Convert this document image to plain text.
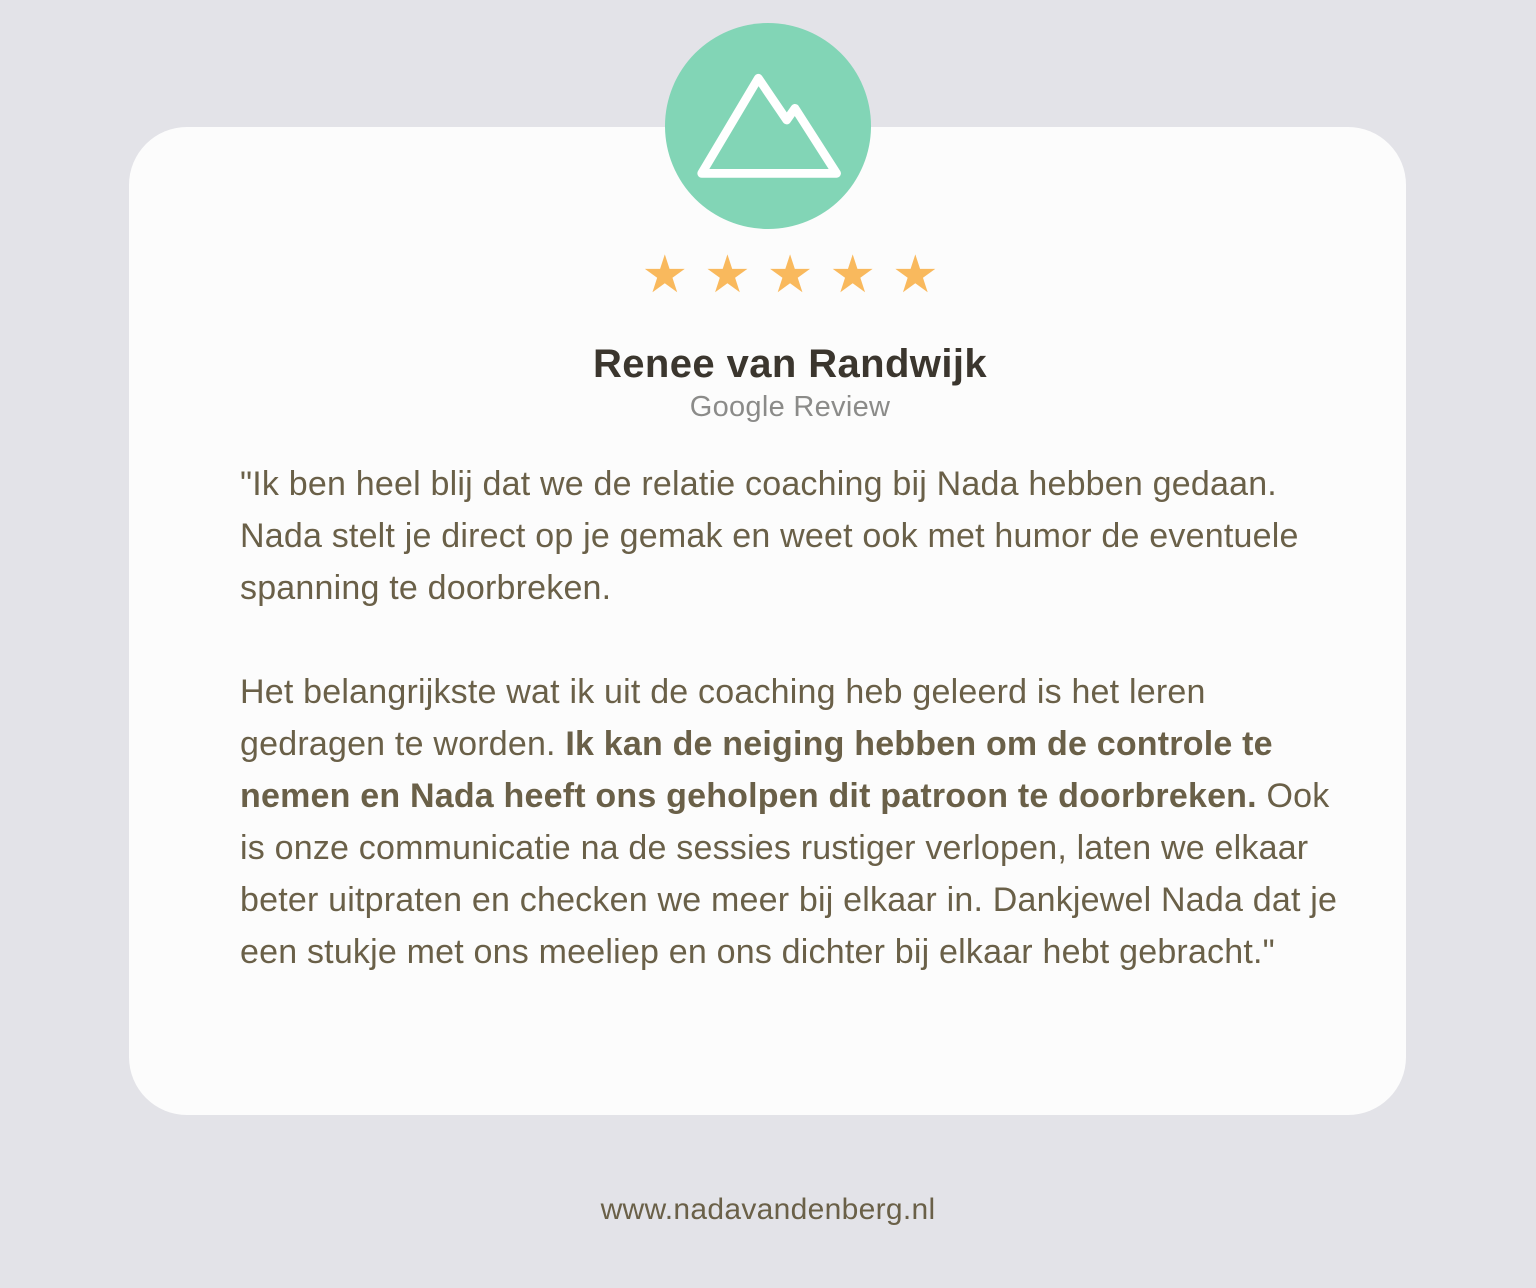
★ ★ ★ ★ ★
Renee van Randwijk
Google Review

"Ik ben heel blij dat we de relatie coaching bij Nada hebben gedaan. Nada stelt je direct op je gemak en weet ook met humor de eventuele spanning te doorbreken.

Het belangrijkste wat ik uit de coaching heb geleerd is het leren gedragen te worden. Ik kan de neiging hebben om de controle te nemen en Nada heeft ons geholpen dit patroon te doorbreken. Ook is onze communicatie na de sessies rustiger verlopen, laten we elkaar beter uitpraten en checken we meer bij elkaar in. Dankjewel Nada dat je een stukje met ons meeliep en ons dichter bij elkaar hebt gebracht."

www.nadavandenberg.nl
